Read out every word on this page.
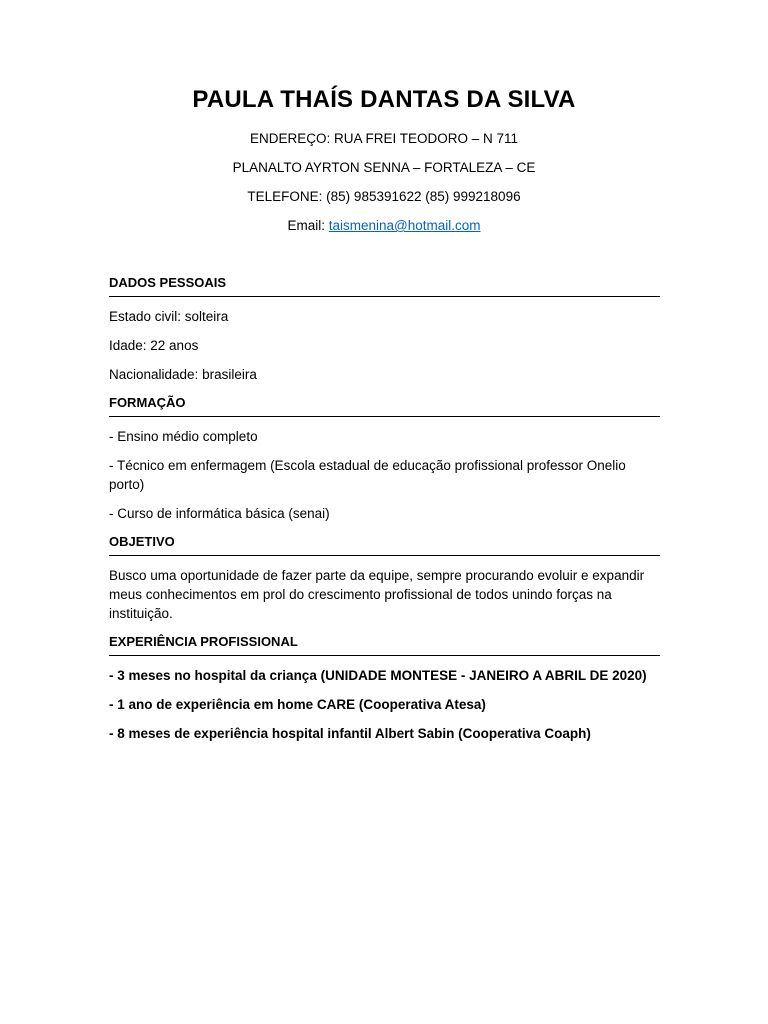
PAULA THAÍS DANTAS DA SILVA

ENDEREÇO: RUA FREI TEODORO – N 711

PLANALTO AYRTON SENNA – FORTALEZA – CE

TELEFONE: (85) 985391622 (85) 999218096

Email: taismenina@hotmail.com

DADOS PESSOAIS

Estado civil: solteira

Idade: 22 anos

Nacionalidade: brasileira

FORMAÇÃO

- Ensino médio completo

- Técnico em enfermagem (Escola estadual de educação profissional professor Onelio porto)

- Curso de informática básica (senai)

OBJETIVO

Busco uma oportunidade de fazer parte da equipe, sempre procurando evoluir e expandir meus conhecimentos em prol do crescimento profissional de todos unindo forças na instituição.

EXPERIÊNCIA PROFISSIONAL

- 3 meses no hospital da criança (UNIDADE MONTESE - JANEIRO A ABRIL DE 2020)

- 1 ano de experiência em home CARE (Cooperativa Atesa)

- 8 meses de experiência hospital infantil Albert Sabin (Cooperativa Coaph)
